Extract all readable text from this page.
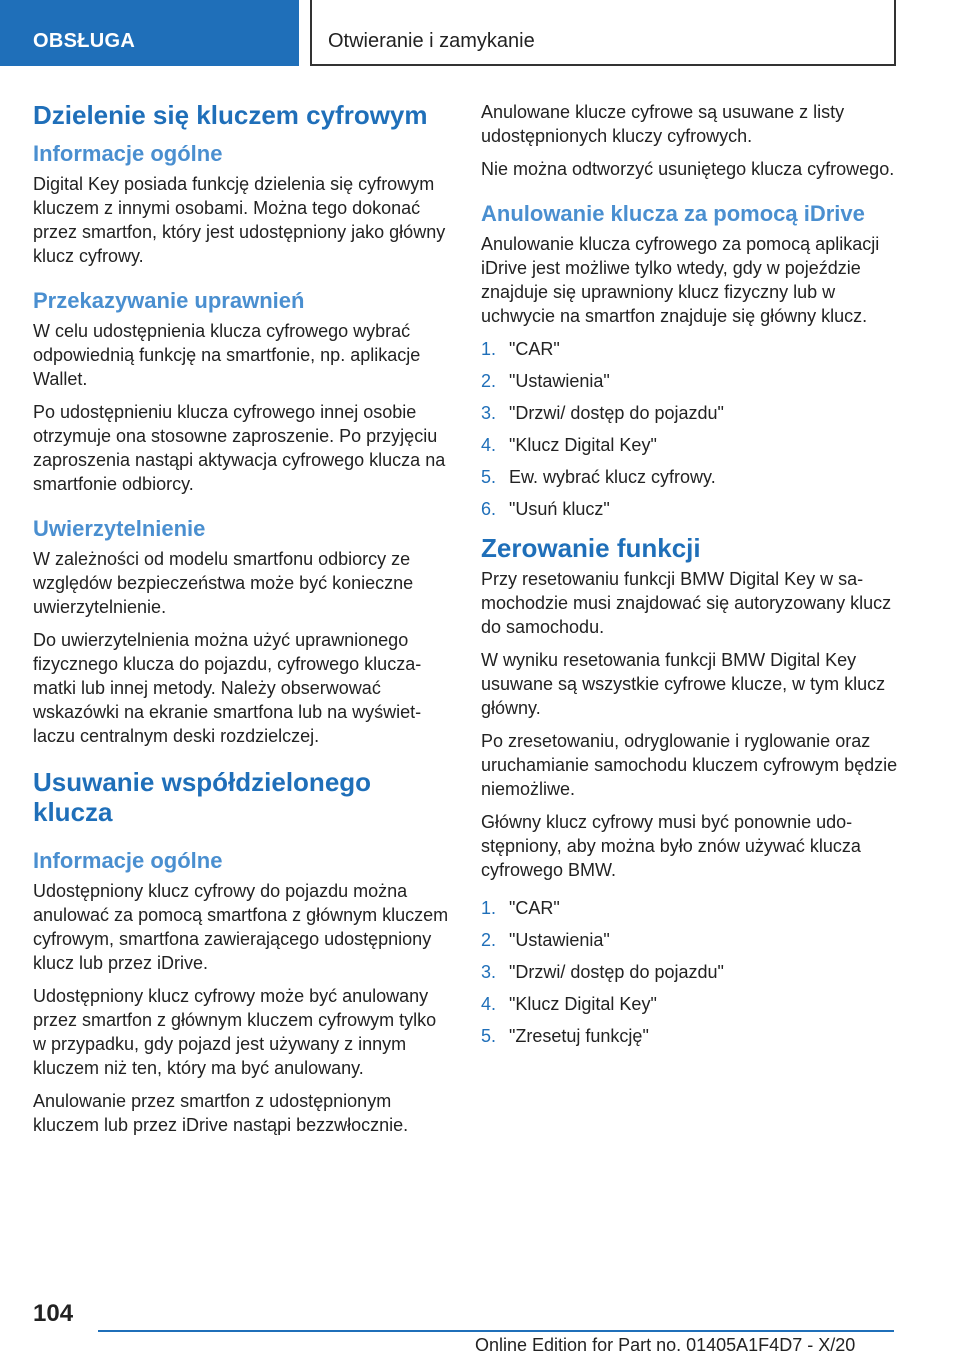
OBSŁUGA	Otwieranie i zamykanie
Dzielenie się kluczem cyfrowym
Informacje ogólne

Digital Key posiada funkcję dzielenia się cyfrowym kluczem z innymi osobami. Można tego dokonać przez smartfon, który jest udostępniony jako główny klucz cyfrowy.

Przekazywanie uprawnień

W celu udostępnienia klucza cyfrowego wybrać odpowiednią funkcję na smartfonie, np. aplikacje Wallet.

Po udostępnieniu klucza cyfrowego innej osobie otrzymuje ona stosowne zaproszenie. Po przyjęciu zaproszenia nastąpi aktywacja cyfrowego klucza na smartfonie odbiorcy.

Uwierzytelnienie

W zależności od modelu smartfonu odbiorcy ze względów bezpieczeństwa może być konieczne uwierzytelnienie.

Do uwierzytelnienia można użyć uprawnionego fizycznego klucza do pojazdu, cyfrowego kluczamatki lub innej metody. Należy obserwować wskazówki na ekranie smartfona lub na wyświetlaczu centralnym deski rozdzielczej.

Usuwanie współdzielonego klucza
Informacje ogólne

Udostępniony klucz cyfrowy do pojazdu można anulować za pomocą smartfona z głównym kluczem cyfrowym, smartfona zawierającego udostępniony klucz lub przez iDrive.

Udostępniony klucz cyfrowy może być anulowany przez smartfon z głównym kluczem cyfrowym tylko w przypadku, gdy pojazd jest używany z innym kluczem niż ten, który ma być anulowany.

Anulowanie przez smartfon z udostępnionym kluczem lub przez iDrive nastąpi bezzwłocznie.

Anulowane klucze cyfrowe są usuwane z listy udostępnionych kluczy cyfrowych.

Nie można odtworzyć usuniętego klucza cyfrowego.

Anulowanie klucza za pomocą iDrive

Anulowanie klucza cyfrowego za pomocą aplikacji iDrive jest możliwe tylko wtedy, gdy w pojeździe znajduje się uprawniony klucz fizyczny lub w uchwycie na smartfon znajduje się główny klucz.

1. "CAR"
2. "Ustawienia"
3. "Drzwi/ dostęp do pojazdu"
4. "Klucz Digital Key"
5. Ew. wybrać klucz cyfrowy.
6. "Usuń klucz"
Zerowanie funkcji

Przy resetowaniu funkcji BMW Digital Key w samochodzie musi znajdować się autoryzowany klucz do samochodu.

W wyniku resetowania funkcji BMW Digital Key usuwane są wszystkie cyfrowe klucze, w tym klucz główny.

Po zresetowaniu, odryglowanie i ryglowanie oraz uruchamianie samochodu kluczem cyfrowym będzie niemożliwe.

Główny klucz cyfrowy musi być ponownie udostępniony, aby można było znów używać klucza cyfrowego BMW.

1. "CAR"
2. "Ustawienia"
3. "Drzwi/ dostęp do pojazdu"
4. "Klucz Digital Key"
5. "Zresetuj funkcję"
104
Online Edition for Part no. 01405A1F4D7 - X/20
